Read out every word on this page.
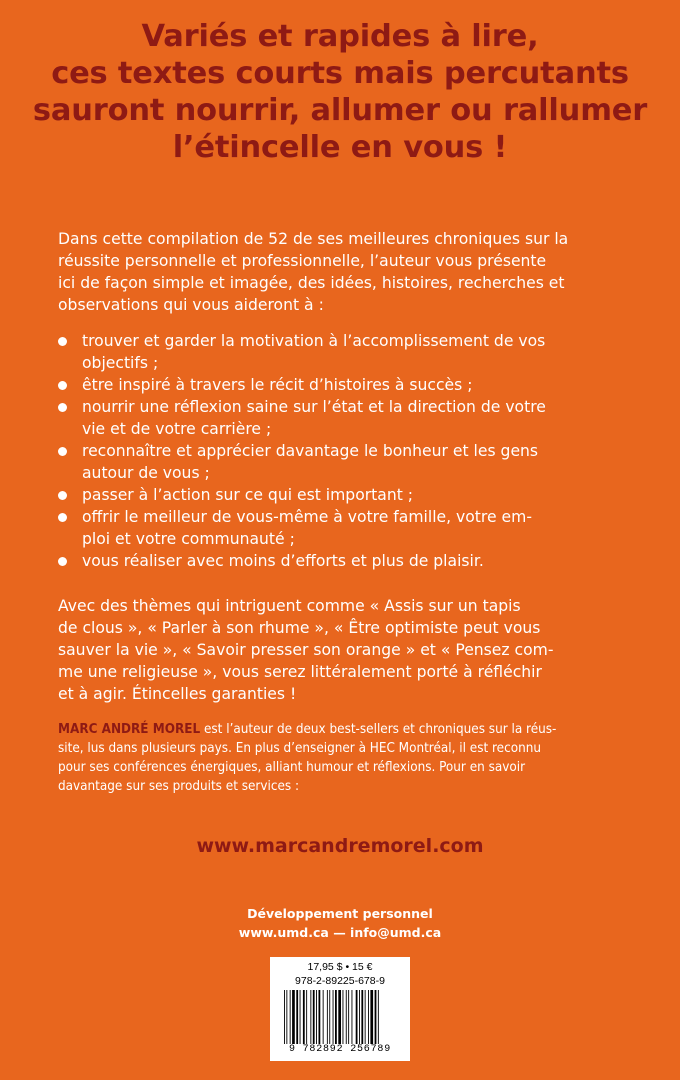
Variés et rapides à lire,
ces textes courts mais percutants
sauront nourrir, allumer ou rallumer
l’étincelle en vous !
Dans cette compilation de 52 de ses meilleures chroniques sur la
réussite personnelle et professionnelle, l’auteur vous présente
ici de façon simple et imagée, des idées, histoires, recherches et
observations qui vous aideront à :
trouver et garder la motivation à l’accomplissement de vos
objectifs ;
être inspiré à travers le récit d’histoires à succès ;
nourrir une réflexion saine sur l’état et la direction de votre
vie et de votre carrière ;
reconnaître et apprécier davantage le bonheur et les gens
autour de vous ;
passer à l’action sur ce qui est important ;
offrir le meilleur de vous-même à votre famille, votre em-
ploi et votre communauté ;
vous réaliser avec moins d’efforts et plus de plaisir.
Avec des thèmes qui intriguent comme « Assis sur un tapis
de clous », « Parler à son rhume », « Être optimiste peut vous
sauver la vie », « Savoir presser son orange » et « Pensez com-
me une religieuse », vous serez littéralement porté à réfléchir
et à agir. Étincelles garanties !
MARC ANDRÉ MOREL est l’auteur de deux best-sellers et chroniques sur la réus-
site, lus dans plusieurs pays. En plus d’enseigner à HEC Montréal, il est reconnu
pour ses conférences énergiques, alliant humour et réflexions. Pour en savoir
davantage sur ses produits et services :
www.marcandremorel.com
Développement personnel
www.umd.ca — info@umd.ca
17,95 $ • 15 €
978-2-89225-678-9
9 782892 256789
